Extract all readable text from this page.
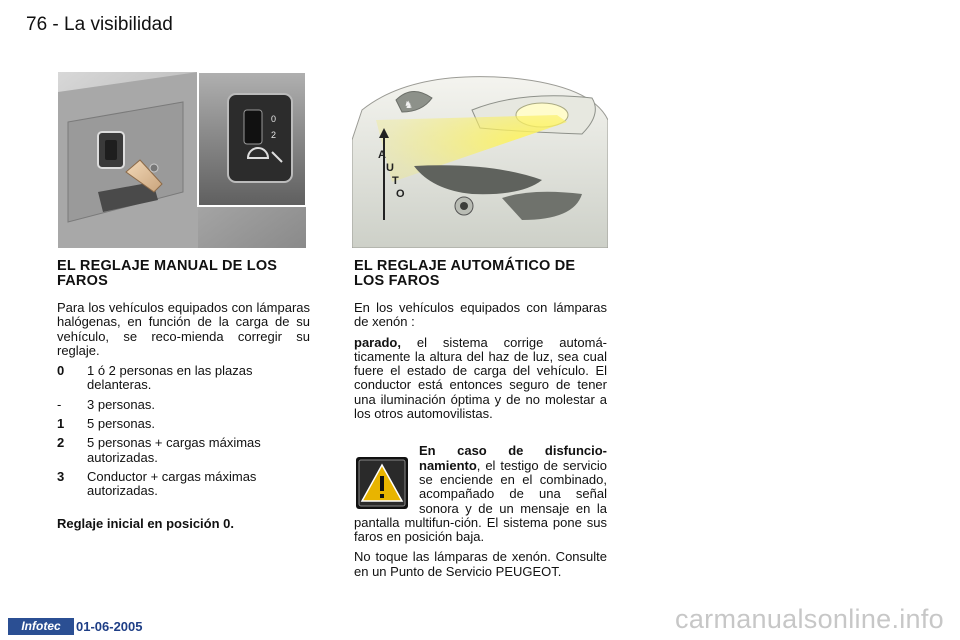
76 - La visibilidad
0
2
♞
A
U
T
O
EL REGLAJE MANUAL DE LOS FAROS

Para los vehículos equipados con lámparas halógenas, en función de la carga de su vehículo, se reco-mienda corregir su reglaje.

0	1 ó 2 personas en las plazas delanteras.
-	3 personas.
1	5 personas.
2	5 personas + cargas máximas autorizadas.
3	Conductor + cargas máximas autorizadas.

Reglaje inicial en posición 0.

EL REGLAJE AUTOMÁTICO DE LOS FAROS

En los vehículos equipados con lámparas de xenón :

parado, el sistema corrige automá-ticamente la altura del haz de luz, sea cual fuere el estado de carga del vehículo. El conductor está entonces seguro de tener una iluminación óptima y de no molestar a los otros automovilistas.

En caso de disfuncio-namiento, el testigo de servicio se enciende en el combinado, acompañado de una señal sonora y de un mensaje en la pantalla multifun-ción. El sistema pone sus faros en posición baja.

No toque las lámparas de xenón. Consulte en un Punto de Servicio PEUGEOT.

Infotec	01-06-2005	carmanualsonline.info
